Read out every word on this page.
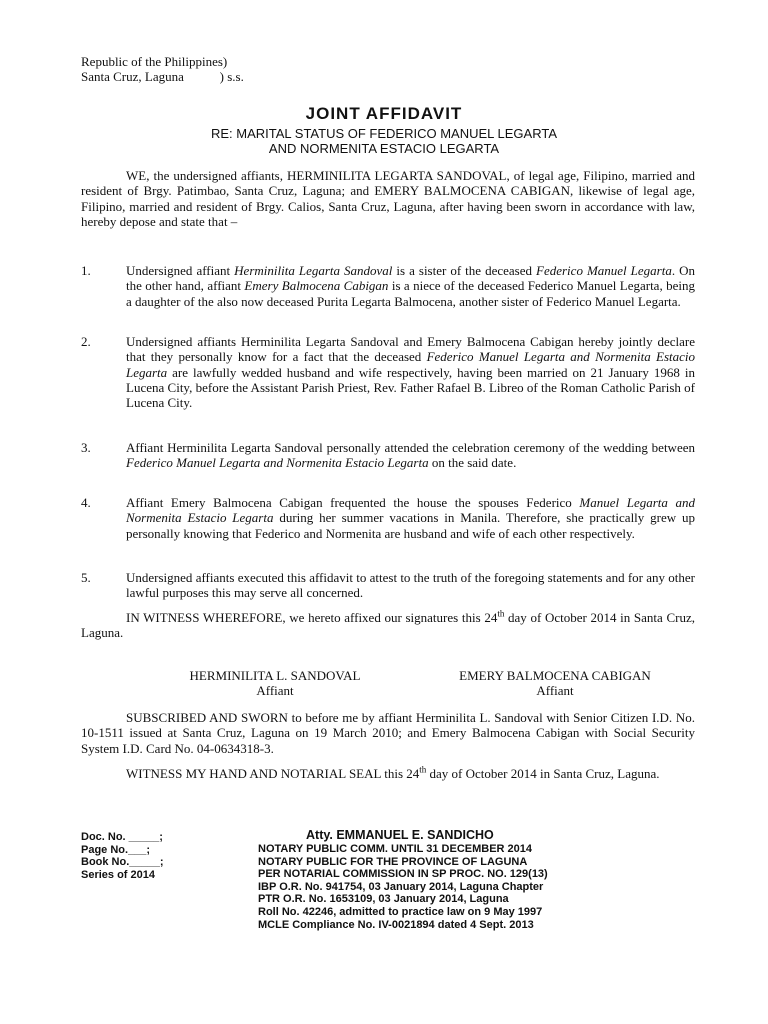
Republic of the Philippines)
Santa Cruz, Laguna           ) s.s.
JOINT AFFIDAVIT
RE: MARITAL STATUS OF FEDERICO MANUEL LEGARTA
AND NORMENITA ESTACIO LEGARTA
WE, the undersigned affiants, HERMINILITA LEGARTA SANDOVAL, of legal age, Filipino, married and resident of Brgy. Patimbao, Santa Cruz, Laguna; and EMERY BALMOCENA CABIGAN, likewise of legal age, Filipino, married and resident of Brgy. Calios, Santa Cruz, Laguna, after having been sworn in accordance with law, hereby depose and state that –
1.	Undersigned affiant Herminilita Legarta Sandoval is a sister of the deceased Federico Manuel Legarta. On the other hand, affiant Emery Balmocena Cabigan is a niece of the deceased Federico Manuel Legarta, being a daughter of the also now deceased Purita Legarta Balmocena, another sister of Federico Manuel Legarta.
2.	Undersigned affiants Herminilita Legarta Sandoval and Emery Balmocena Cabigan hereby jointly declare that they personally know for a fact that the deceased Federico Manuel Legarta and Normenita Estacio Legarta are lawfully wedded husband and wife respectively, having been married on 21 January 1968 in Lucena City, before the Assistant Parish Priest, Rev. Father Rafael B. Libreo of the Roman Catholic Parish of Lucena City.
3.	Affiant Herminilita Legarta Sandoval personally attended the celebration ceremony of the wedding between Federico Manuel Legarta and Normenita Estacio Legarta on the said date.
4.	Affiant Emery Balmocena Cabigan frequented the house the spouses Federico Manuel Legarta and Normenita Estacio Legarta during her summer vacations in Manila. Therefore, she practically grew up personally knowing that Federico and Normenita are husband and wife of each other respectively.
5.	Undersigned affiants executed this affidavit to attest to the truth of the foregoing statements and for any other lawful purposes this may serve all concerned.
IN WITNESS WHEREFORE, we hereto affixed our signatures this 24th day of October 2014 in Santa Cruz, Laguna.
HERMINILITA L. SANDOVAL
Affiant
EMERY BALMOCENA CABIGAN
Affiant
SUBSCRIBED AND SWORN to before me by affiant Herminilita L. Sandoval with Senior Citizen I.D. No. 10-1511 issued at Santa Cruz, Laguna on 19 March 2010; and Emery Balmocena Cabigan with Social Security System I.D. Card No. 04-0634318-3.
WITNESS MY HAND AND NOTARIAL SEAL this 24th day of October 2014 in Santa Cruz, Laguna.
Doc. No. _____;
Page No.___;
Book No._____;
Series of 2014
Atty. EMMANUEL E. SANDICHO
NOTARY PUBLIC COMM. UNTIL 31 DECEMBER 2014
NOTARY PUBLIC FOR THE PROVINCE OF LAGUNA
PER NOTARIAL COMMISSION IN SP PROC. NO. 129(13)
IBP O.R. No. 941754, 03 January 2014, Laguna Chapter
PTR O.R. No. 1653109, 03 January 2014, Laguna
Roll No. 42246, admitted to practice law on 9 May 1997
MCLE Compliance No. IV-0021894 dated 4 Sept. 2013
